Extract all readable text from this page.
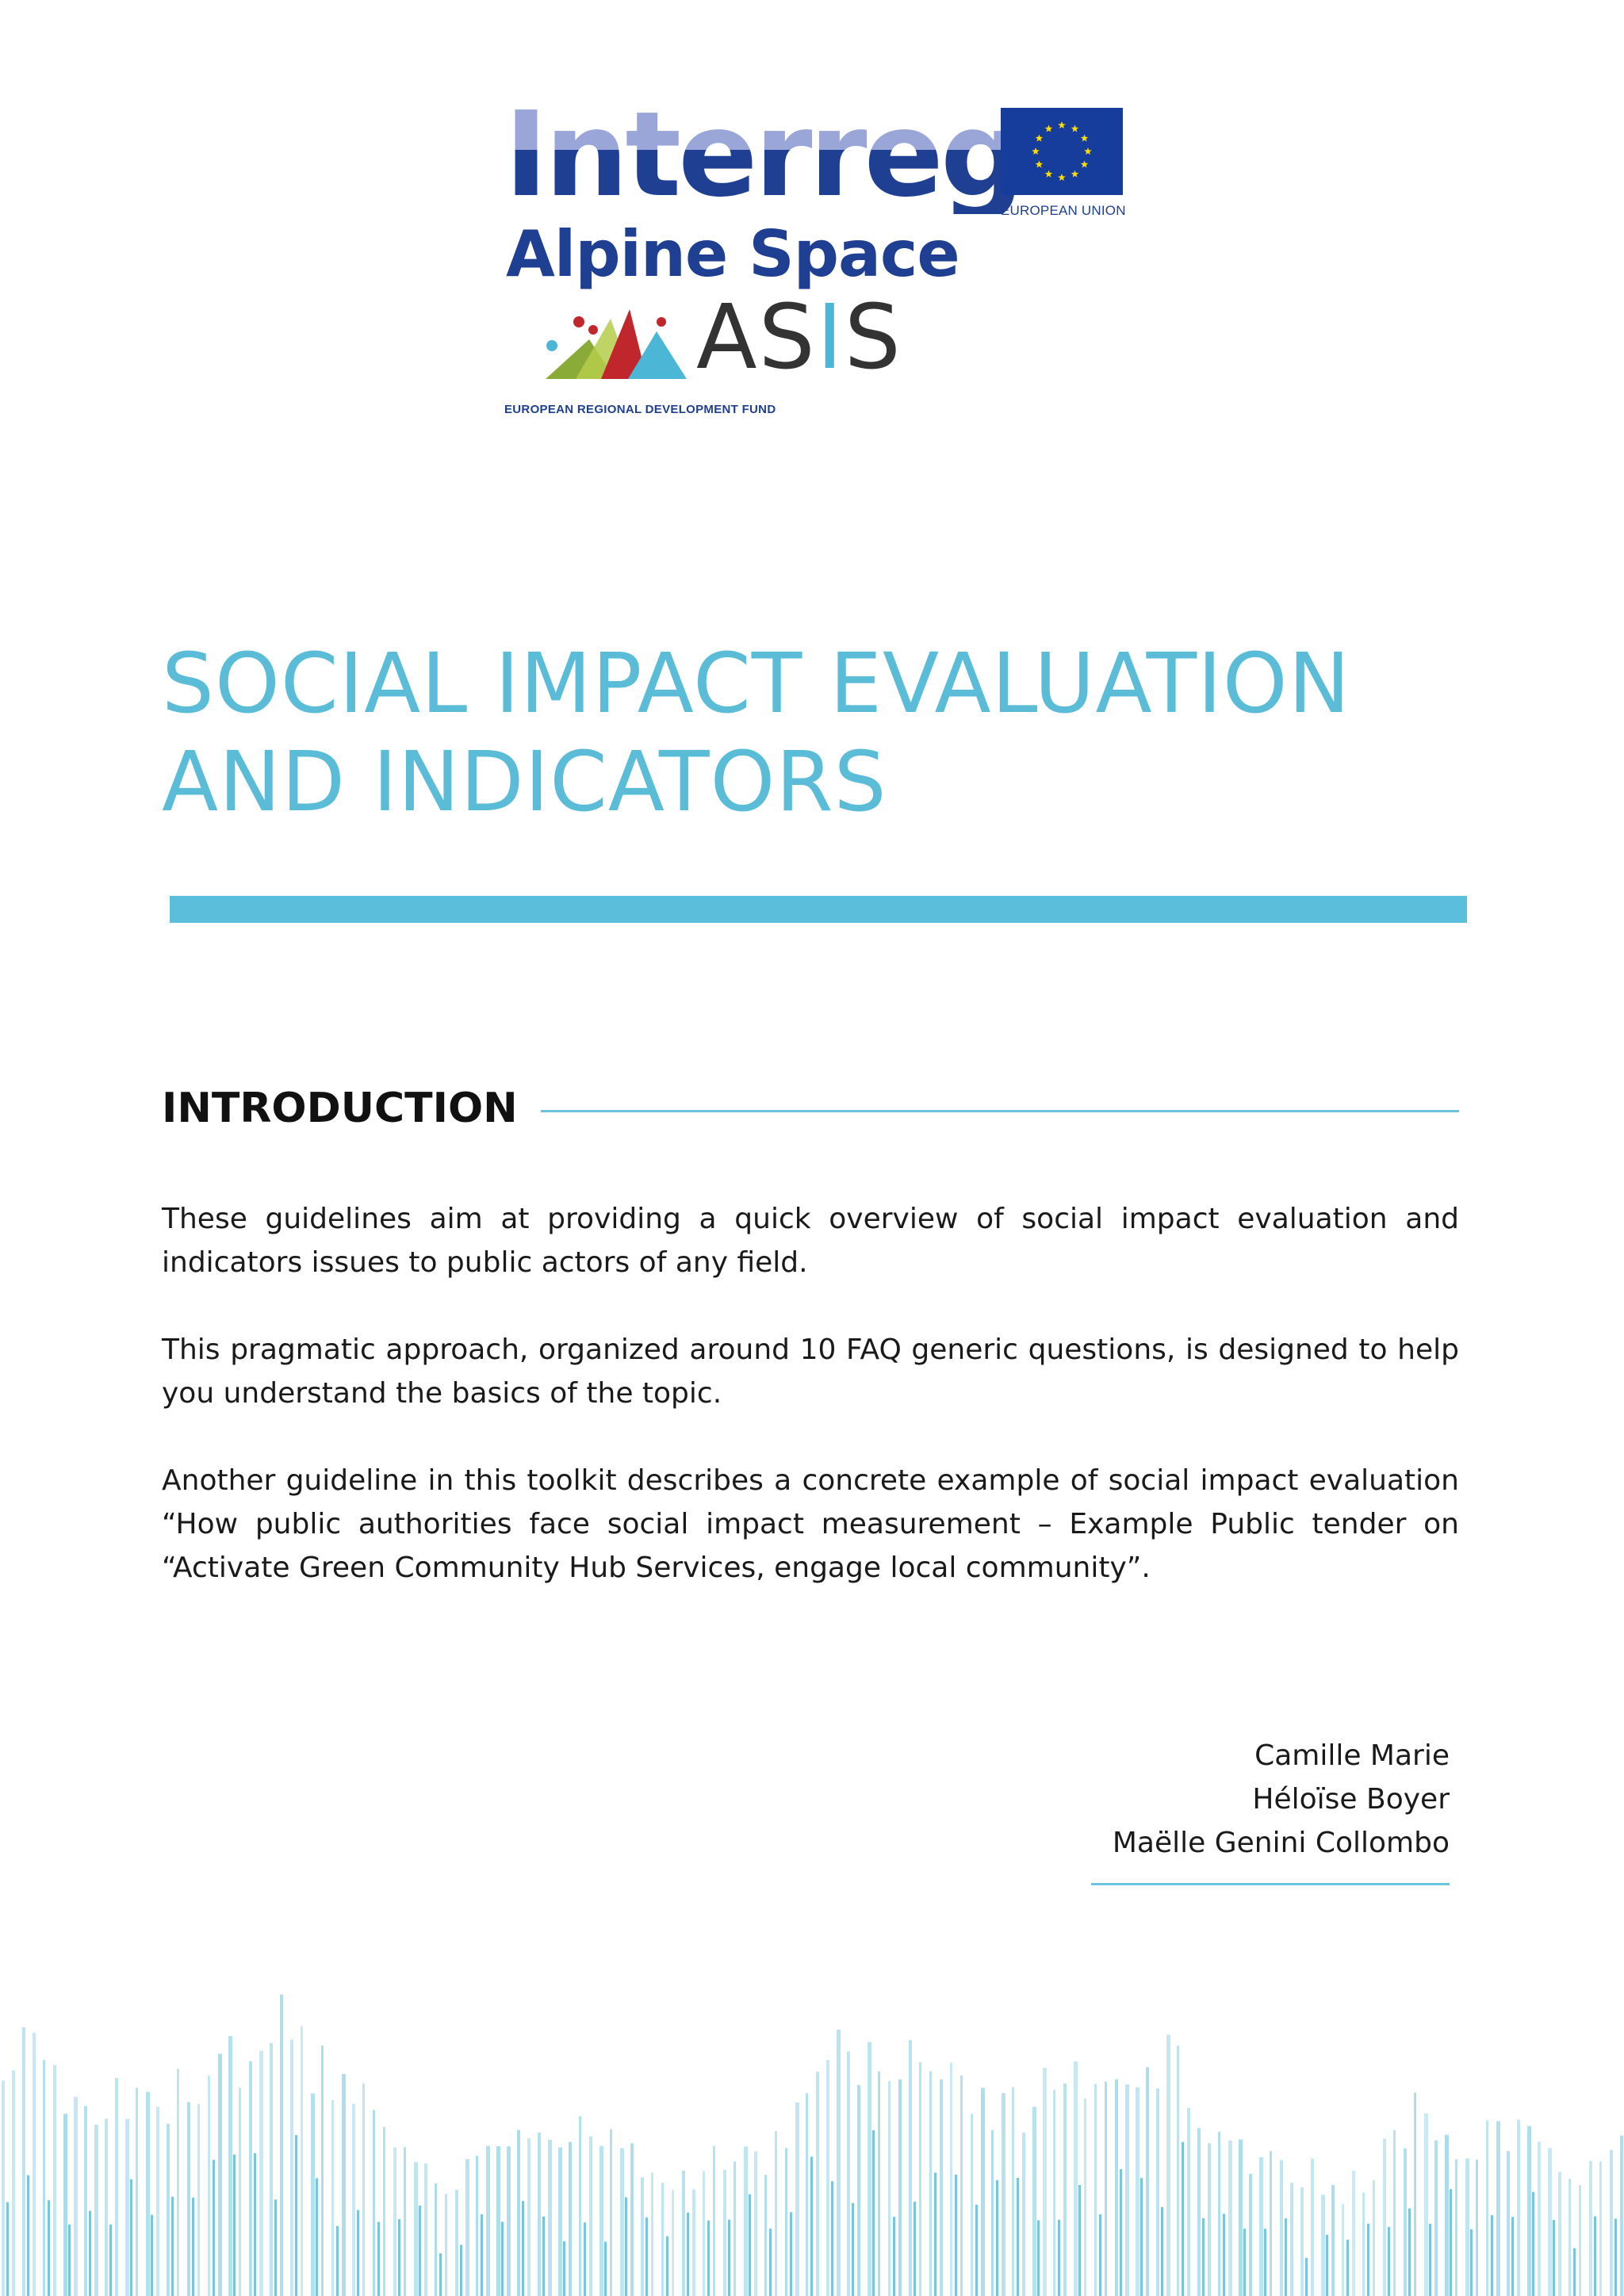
Interreg
Alpine Space
EUROPEAN UNION
ASIS
EUROPEAN REGIONAL DEVELOPMENT FUND
SOCIAL IMPACT EVALUATION
AND INDICATORS
INTRODUCTION

These guidelines aim at providing a quick overview of social impact evaluation and indicators issues to public actors of any field.

This pragmatic approach, organized around 10 FAQ generic questions, is designed to help you understand the basics of the topic.

Another guideline in this toolkit describes a concrete example of social impact evaluation “How public authorities face social impact measurement – Example Public tender on “Activate Green Community Hub Services, engage local community”.

Camille Marie
Héloïse Boyer
Maëlle Genini Collombo
